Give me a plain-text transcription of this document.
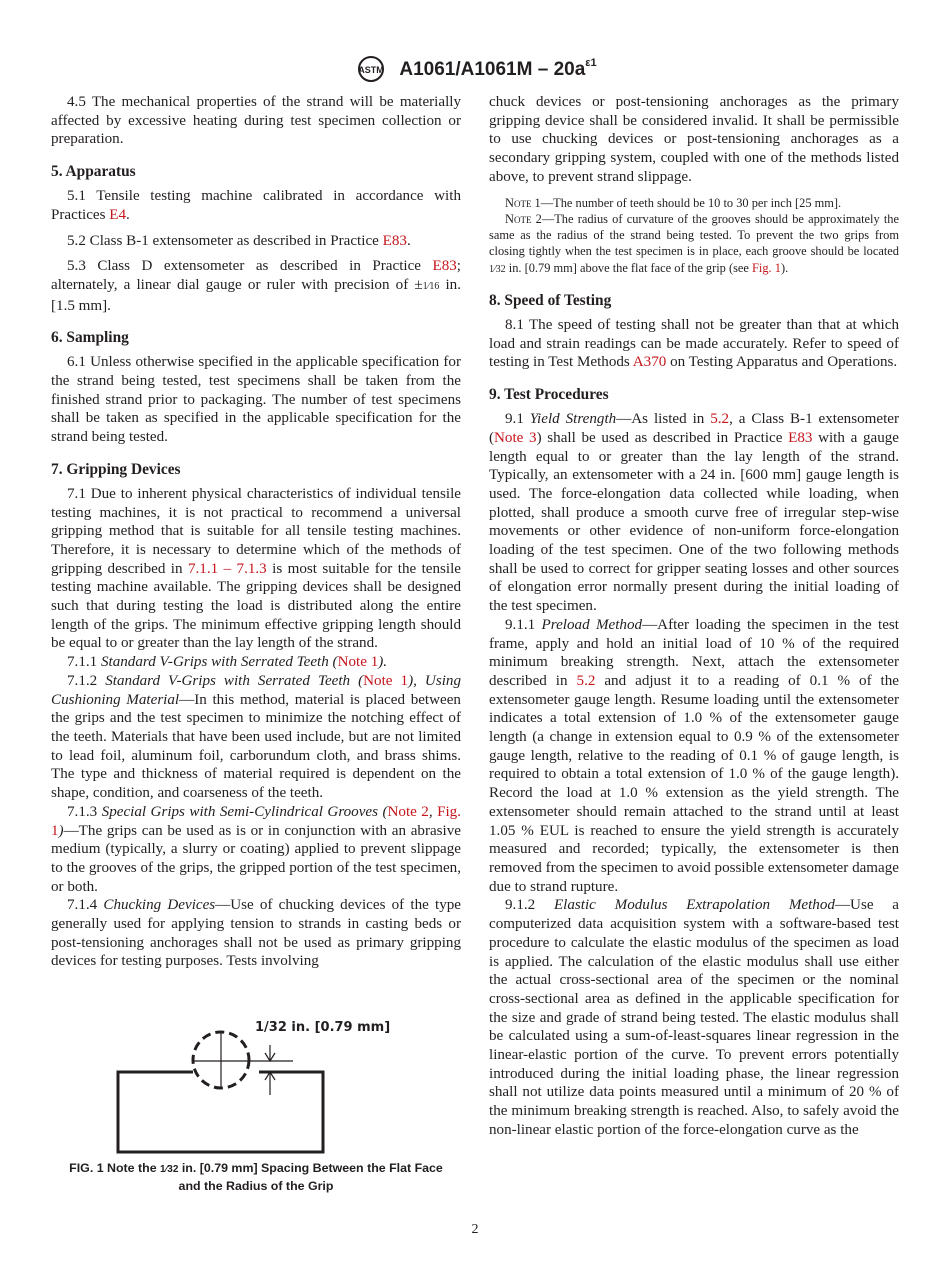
ASTM $A1061/A1061M - 20a^{\varepsilon 1}$

4.5 The mechanical properties of the strand will be materially affected by excessive heating during test specimen collection or preparation.

5. Apparatus

5.1 Tensile testing machine calibrated in accordance with Practices E4.

5.2 Class B-1 extensometer as described in Practice E83.

5.3 Class D extensometer as described in Practice E83; alternately, a linear dial gauge or ruler with precision of ±1⁄16 in. [1.5 mm].

6. Sampling

6.1 Unless otherwise specified in the applicable specification for the strand being tested, test specimens shall be taken from the finished strand prior to packaging. The number of test specimens shall be taken as specified in the applicable specification for the strand being tested.

7. Gripping Devices

7.1 Due to inherent physical characteristics of individual tensile testing machines, it is not practical to recommend a universal gripping method that is suitable for all tensile testing machines. Therefore, it is necessary to determine which of the methods of gripping described in 7.1.1 – 7.1.3 is most suitable for the tensile testing machine available. The gripping devices shall be designed such that during testing the load is distributed along the entire length of the grips. The minimum effective gripping length should be equal to or greater than the lay length of the strand.

7.1.1 Standard V-Grips with Serrated Teeth (Note 1).

7.1.2 Standard V-Grips with Serrated Teeth (Note 1), Using Cushioning Material—In this method, material is placed between the grips and the test specimen to minimize the notching effect of the teeth. Materials that have been used include, but are not limited to lead foil, aluminum foil, carborundum cloth, and brass shims. The type and thickness of material required is dependent on the shape, condition, and coarseness of the teeth.

7.1.3 Special Grips with Semi-Cylindrical Grooves (Note 2, Fig. 1)—The grips can be used as is or in conjunction with an abrasive medium (typically, a slurry or coating) applied to prevent slippage to the grooves of the grips, the gripped portion of the test specimen, or both.

7.1.4 Chucking Devices—Use of chucking devices of the type generally used for applying tension to strands in casting beds or post-tensioning anchorages shall not be used as primary gripping devices for testing purposes. Tests involving

1/32 in. [0.79 mm]
FIG. 1 Note the 1⁄32 in. [0.79 mm] Spacing Between the Flat Face
and the Radius of the Grip

chuck devices or post-tensioning anchorages as the primary gripping device shall be considered invalid. It shall be permissible to use chucking devices or post-tensioning anchorages as a secondary gripping system, coupled with one of the methods listed above, to prevent strand slippage.

Note 1—The number of teeth should be 10 to 30 per inch [25 mm].

Note 2—The radius of curvature of the grooves should be approximately the same as the radius of the strand being tested. To prevent the two grips from closing tightly when the test specimen is in place, each groove should be located 1⁄32 in. [0.79 mm] above the flat face of the grip (see Fig. 1).

8. Speed of Testing

8.1 The speed of testing shall not be greater than that at which load and strain readings can be made accurately. Refer to speed of testing in Test Methods A370 on Testing Apparatus and Operations.

9. Test Procedures

9.1 Yield Strength—As listed in 5.2, a Class B-1 extensometer (Note 3) shall be used as described in Practice E83 with a gauge length equal to or greater than the lay length of the strand. Typically, an extensometer with a 24 in. [600 mm] gauge length is used. The force-elongation data collected while loading, when plotted, shall produce a smooth curve free of irregular step-wise movements or other evidence of non-uniform force-elongation loading of the test specimen. One of the two following methods shall be used to correct for gripper seating losses and other sources of elongation error normally present during the initial loading of the test specimen.

9.1.1 Preload Method—After loading the specimen in the test frame, apply and hold an initial load of 10 % of the required minimum breaking strength. Next, attach the extensometer described in 5.2 and adjust it to a reading of 0.1 % of the extensometer gauge length. Resume loading until the extensometer indicates a total extension of 1.0 % of the extensometer gauge length (a change in extension equal to 0.9 % of the extensometer gauge length, relative to the reading of 0.1 % of gauge length, is required to obtain a total extension of 1.0 % of the gauge length). Record the load at 1.0 % extension as the yield strength. The extensometer should remain attached to the strand until at least 1.05 % EUL is reached to ensure the yield strength is accurately measured and recorded; typically, the extensometer is then removed from the specimen to avoid possible extensometer damage due to strand rupture.

9.1.2 Elastic Modulus Extrapolation Method—Use a computerized data acquisition system with a software-based test procedure to calculate the elastic modulus of the specimen as load is applied. The calculation of the elastic modulus shall use either the actual cross-sectional area of the specimen or the nominal cross-sectional area as defined in the applicable specification for the size and grade of strand being tested. The elastic modulus shall be calculated using a sum-of-least-squares linear regression in the linear-elastic portion of the curve. To prevent errors potentially introduced during the initial loading phase, the linear regression shall not utilize data points measured until a minimum of 20 % of the minimum breaking strength is reached. Also, to safely avoid the non-linear elastic portion of the force-elongation curve as the

2
